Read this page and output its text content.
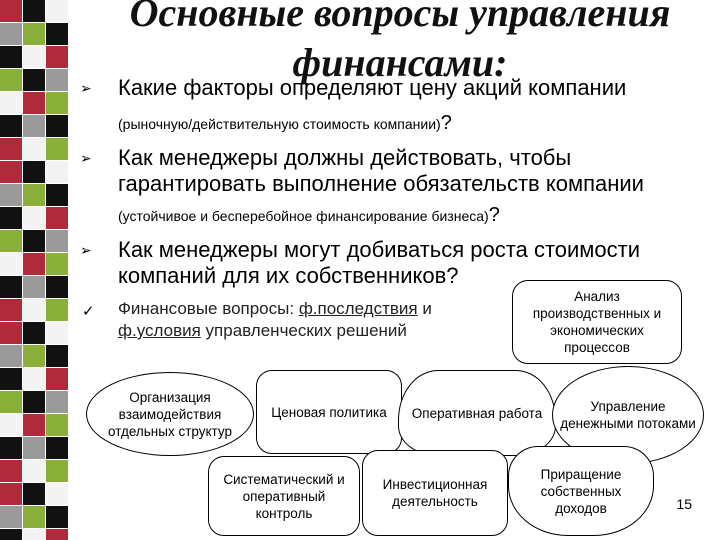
Основные вопросы управления
финансами:
➢ Какие факторы определяют цену акций компании
(рыночную/действительную стоимость компании)?
➢ Как менеджеры должны действовать, чтобы
гарантировать выполнение обязательств компании
(устойчивое и бесперебойное финансирование бизнеса)?
➢ Как менеджеры могут добиваться роста стоимости
компаний для их собственников?
✓ Финансовые вопросы: ф.последствия и
ф.условия управленческих решений
Анализ производственных и экономических процессов
Организация взаимодействия отдельных структур
Ценовая политика	Оперативная работа	Управление денежными потоками
Систематический и оперативный контроль
Инвестиционная деятельность
Приращение собственных доходов	15
